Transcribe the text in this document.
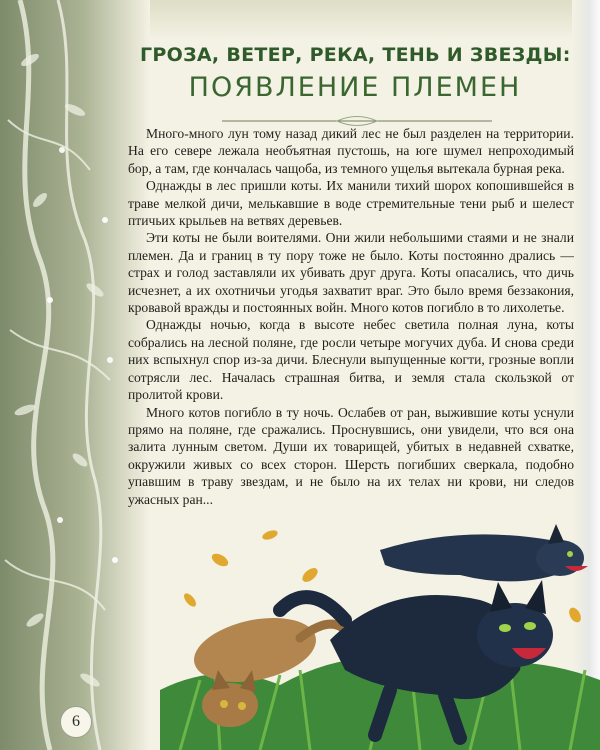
ГРОЗА, ВЕТЕР, РЕКА, ТЕНЬ И ЗВЕЗДЫ:
ПОЯВЛЕНИЕ ПЛЕМЕН

Много-много лун тому назад дикий лес не был разделен на территории. На его севере лежала необъятная пустошь, на юге шумел непроходимый бор, а там, где кончалась чащоба, из темного ущелья вытекала бурная река.

Однажды в лес пришли коты. Их манили тихий шорох копошившейся в траве мелкой дичи, мелькавшие в воде стремительные тени рыб и шелест птичьих крыльев на ветвях деревьев.

Эти коты не были воителями. Они жили небольшими стаями и не знали племен. Да и границ в ту пору тоже не было. Коты постоянно дрались — страх и голод заставляли их убивать друг друга. Коты опасались, что дичь исчезнет, а их охотничьи угодья захватит враг. Это было время беззакония, кровавой вражды и постоянных войн. Много котов погибло в то лихолетье.

Однажды ночью, когда в высоте небес светила полная луна, коты собрались на лесной поляне, где росли четыре могучих дуба. И снова среди них вспыхнул спор из-за дичи. Блеснули выпущенные когти, грозные вопли сотрясли лес. Началась страшная битва, и земля стала скользкой от пролитой крови.

Много котов погибло в ту ночь. Ослабев от ран, выжившие коты уснули прямо на поляне, где сражались. Проснувшись, они увидели, что вся она залита лунным светом. Души их товарищей, убитых в недавней схватке, окружили живых со всех сторон. Шерсть погибших сверкала, подобно упавшим в траву звездам, и не было на их телах ни крови, ни следов ужасных ран...

6
